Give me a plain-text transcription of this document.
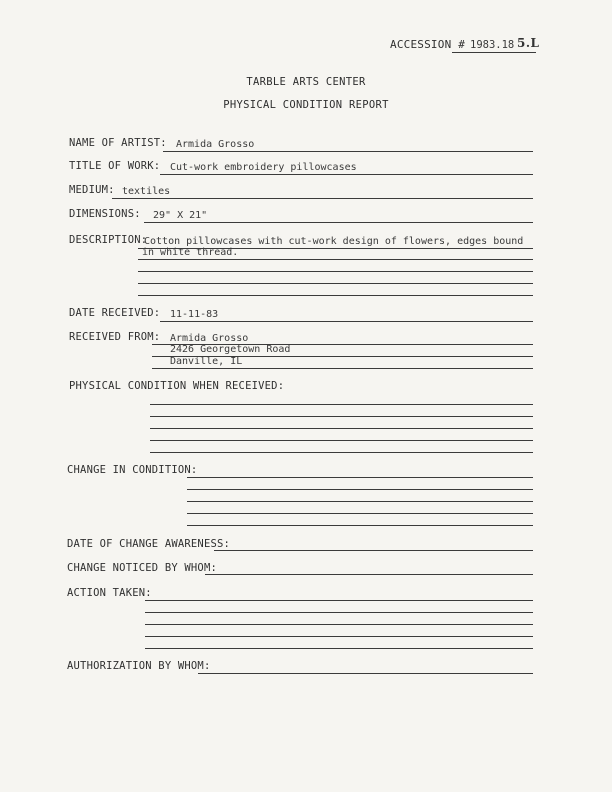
ACCESSION # 1983.18 5.L
TARBLE ARTS CENTER
PHYSICAL CONDITION REPORT
NAME OF ARTIST: Armida Grosso
TITLE OF WORK: Cut-work embroidery pillowcases
MEDIUM: textiles
DIMENSIONS: 29" X 21"
DESCRIPTION:
Cotton pillowcases with cut-work design of flowers, edges bound
in white thread.
DATE RECEIVED: 11-11-83
RECEIVED FROM: Armida Grosso
2426 Georgetown Road
Danville, IL
PHYSICAL CONDITION WHEN RECEIVED:
CHANGE IN CONDITION:
DATE OF CHANGE AWARENESS:
CHANGE NOTICED BY WHOM:
ACTION TAKEN:
AUTHORIZATION BY WHOM:
